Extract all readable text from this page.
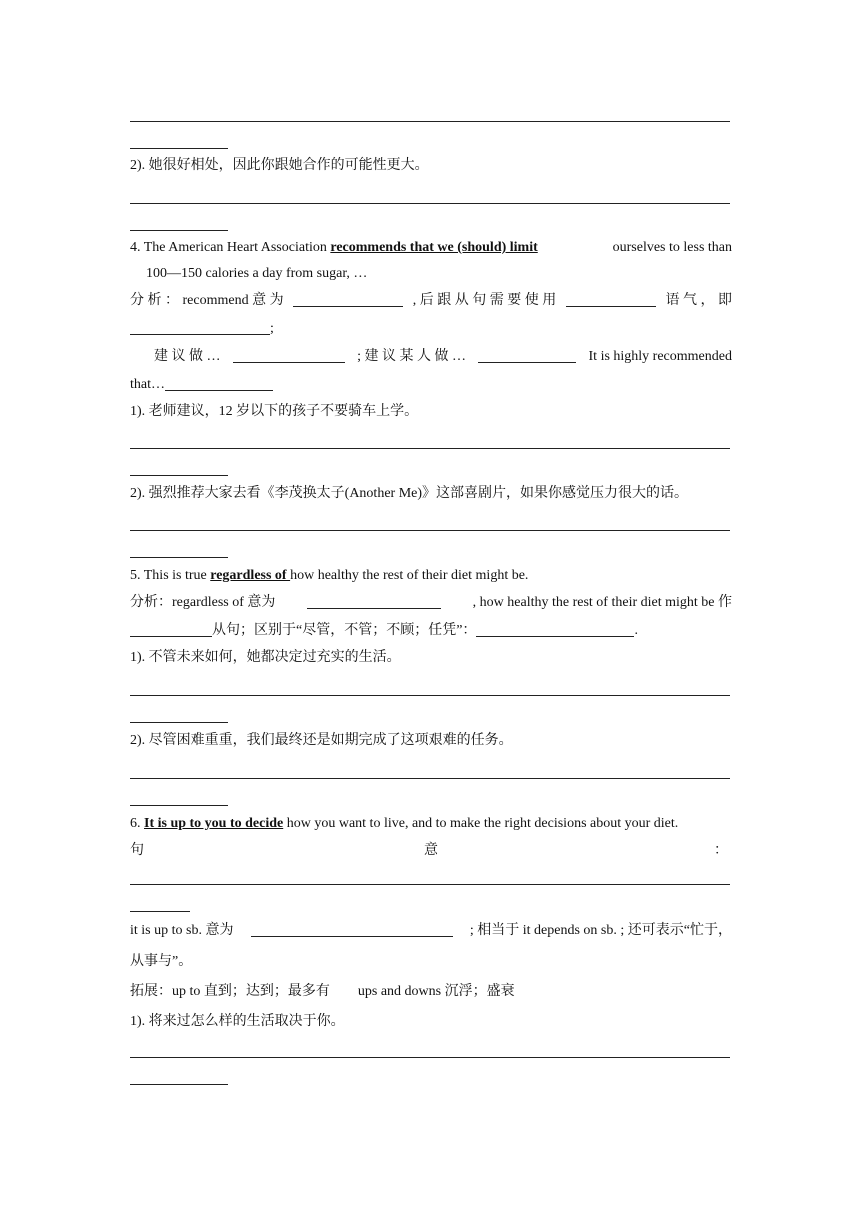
2). 她很好相处，因此你跟她合作的可能性更大。
4. The American Heart Association recommends that we (should) limit	ourselves to less than
100—150 calories a day from sugar, …
分 析 ： recommend 意 为	, 后 跟 从 句 需 要 使 用	语 气 ， 即
;
建 议 做 …	; 建 议 某 人 做 …	It is highly recommended
that…
1). 老师建议，12 岁以下的孩子不要骑车上学。
2). 强烈推荐大家去看《李茂换太子(Another Me)》这部喜剧片，如果你感觉压力很大的话。
5. This is true regardless of how healthy the rest of their diet might be.
分析：regardless of 意为	, how healthy the rest of their diet might be 作
从句；区别于“尽管，不管；不顾；任凭”：	.
1). 不管未来如何，她都决定过充实的生活。
2). 尽管困难重重，我们最终还是如期完成了这项艰难的任务。
6. It is up to you to decide how you want to live, and to make the right decisions about your diet.
句	意	：
it is up to sb. 意为	; 相当于 it depends on sb. ; 还可表示“忙于，
从事与”。
拓展：up to 直到；达到；最多有　　ups and downs 沉浮；盛衰
1). 将来过怎么样的生活取决于你。
